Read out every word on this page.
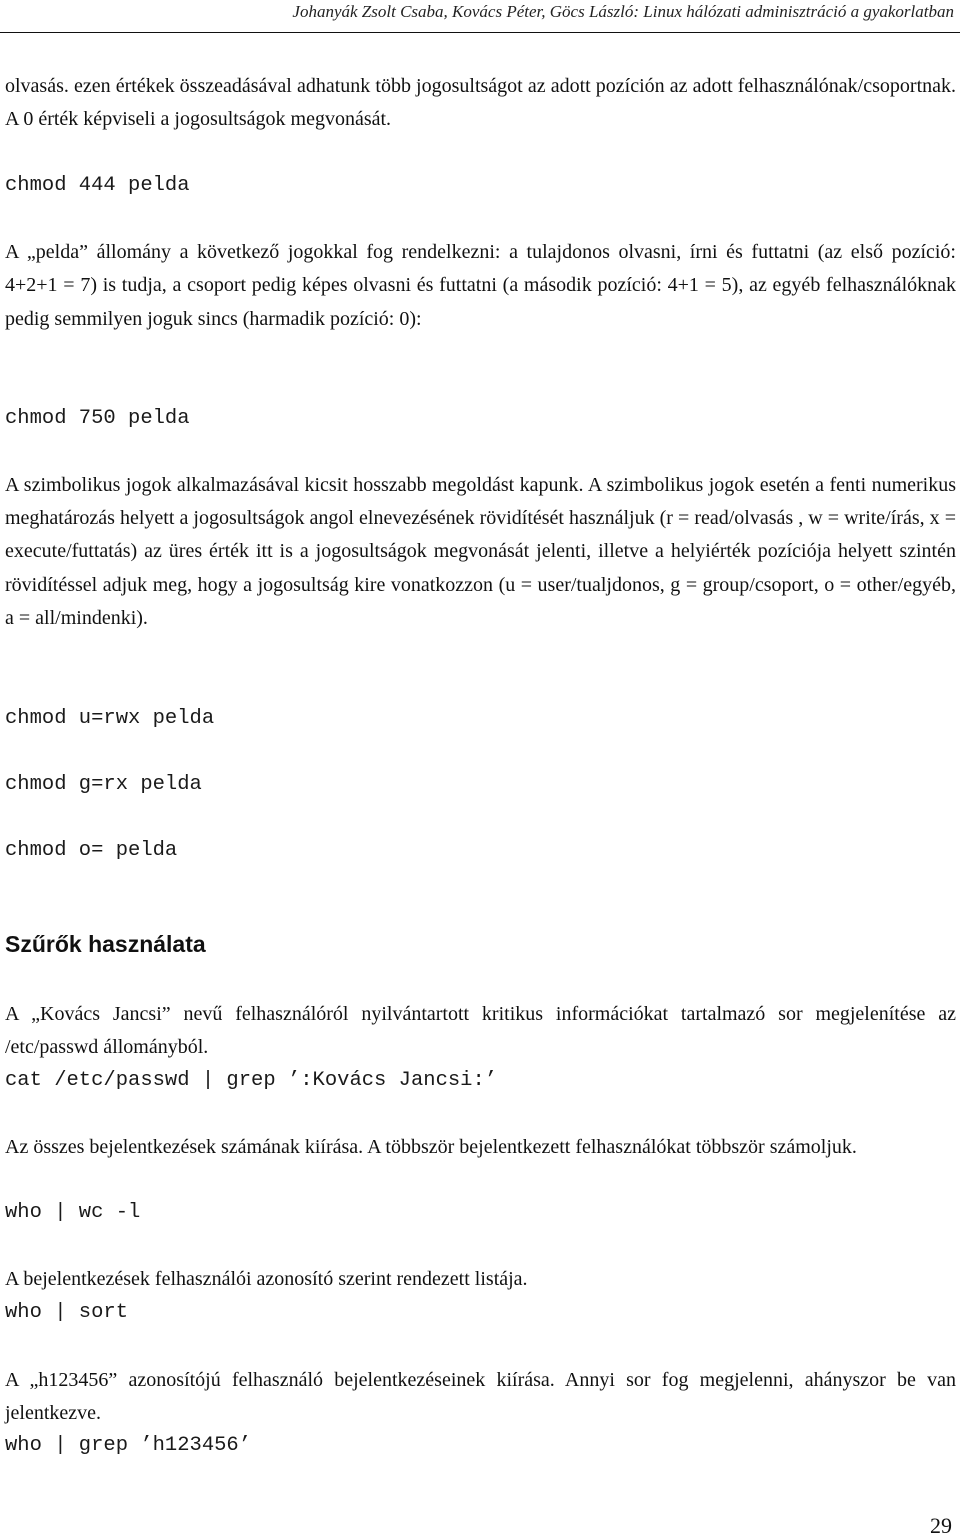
Johanyák Zsolt Csaba, Kovács Péter, Göcs László: Linux hálózati adminisztráció a gyakorlatban
olvasás. ezen értékek összeadásával adhatunk több jogosultságot az adott pozíción az adott felhasználónak/csoportnak. A 0 érték képviseli a jogosultságok megvonását.
chmod 444 pelda
A „pelda” állomány a következő jogokkal fog rendelkezni: a tulajdonos olvasni, írni és futtatni (az első pozíció: 4+2+1 = 7) is tudja, a csoport pedig képes olvasni és futtatni (a második pozíció: 4+1 = 5), az egyéb felhasználóknak pedig semmilyen joguk sincs (harmadik pozíció: 0):
chmod 750 pelda
A szimbolikus jogok alkalmazásával kicsit hosszabb megoldást kapunk. A szimbolikus jogok esetén a fenti numerikus meghatározás helyett a jogosultságok angol elnevezésének rövidítését használjuk (r = read/olvasás , w = write/írás, x = execute/futtatás) az üres érték itt is a jogosultságok megvonását jelenti, illetve a helyiérték pozíciója helyett szintén rövidítéssel adjuk meg, hogy a jogosultság kire vonatkozzon (u = user/tualjdonos, g = group/csoport, o = other/egyéb, a = all/mindenki).
chmod u=rwx pelda
chmod g=rx pelda
chmod o= pelda
Szűrők használata
A „Kovács Jancsi” nevű felhasználóról nyilvántartott kritikus információkat tartalmazó sor megjelenítése az /etc/passwd állományból.
cat /etc/passwd | grep ’:Kovács Jancsi:’
Az összes bejelentkezések számának kiírása. A többször bejelentkezett felhasználókat többször számoljuk.
who | wc -l
A bejelentkezések felhasználói azonosító szerint rendezett listája.
who | sort
A „h123456” azonosítójú felhasználó bejelentkezéseinek kiírása. Annyi sor fog megjelenni, ahányszor be van jelentkezve.
who | grep ’h123456’
29
